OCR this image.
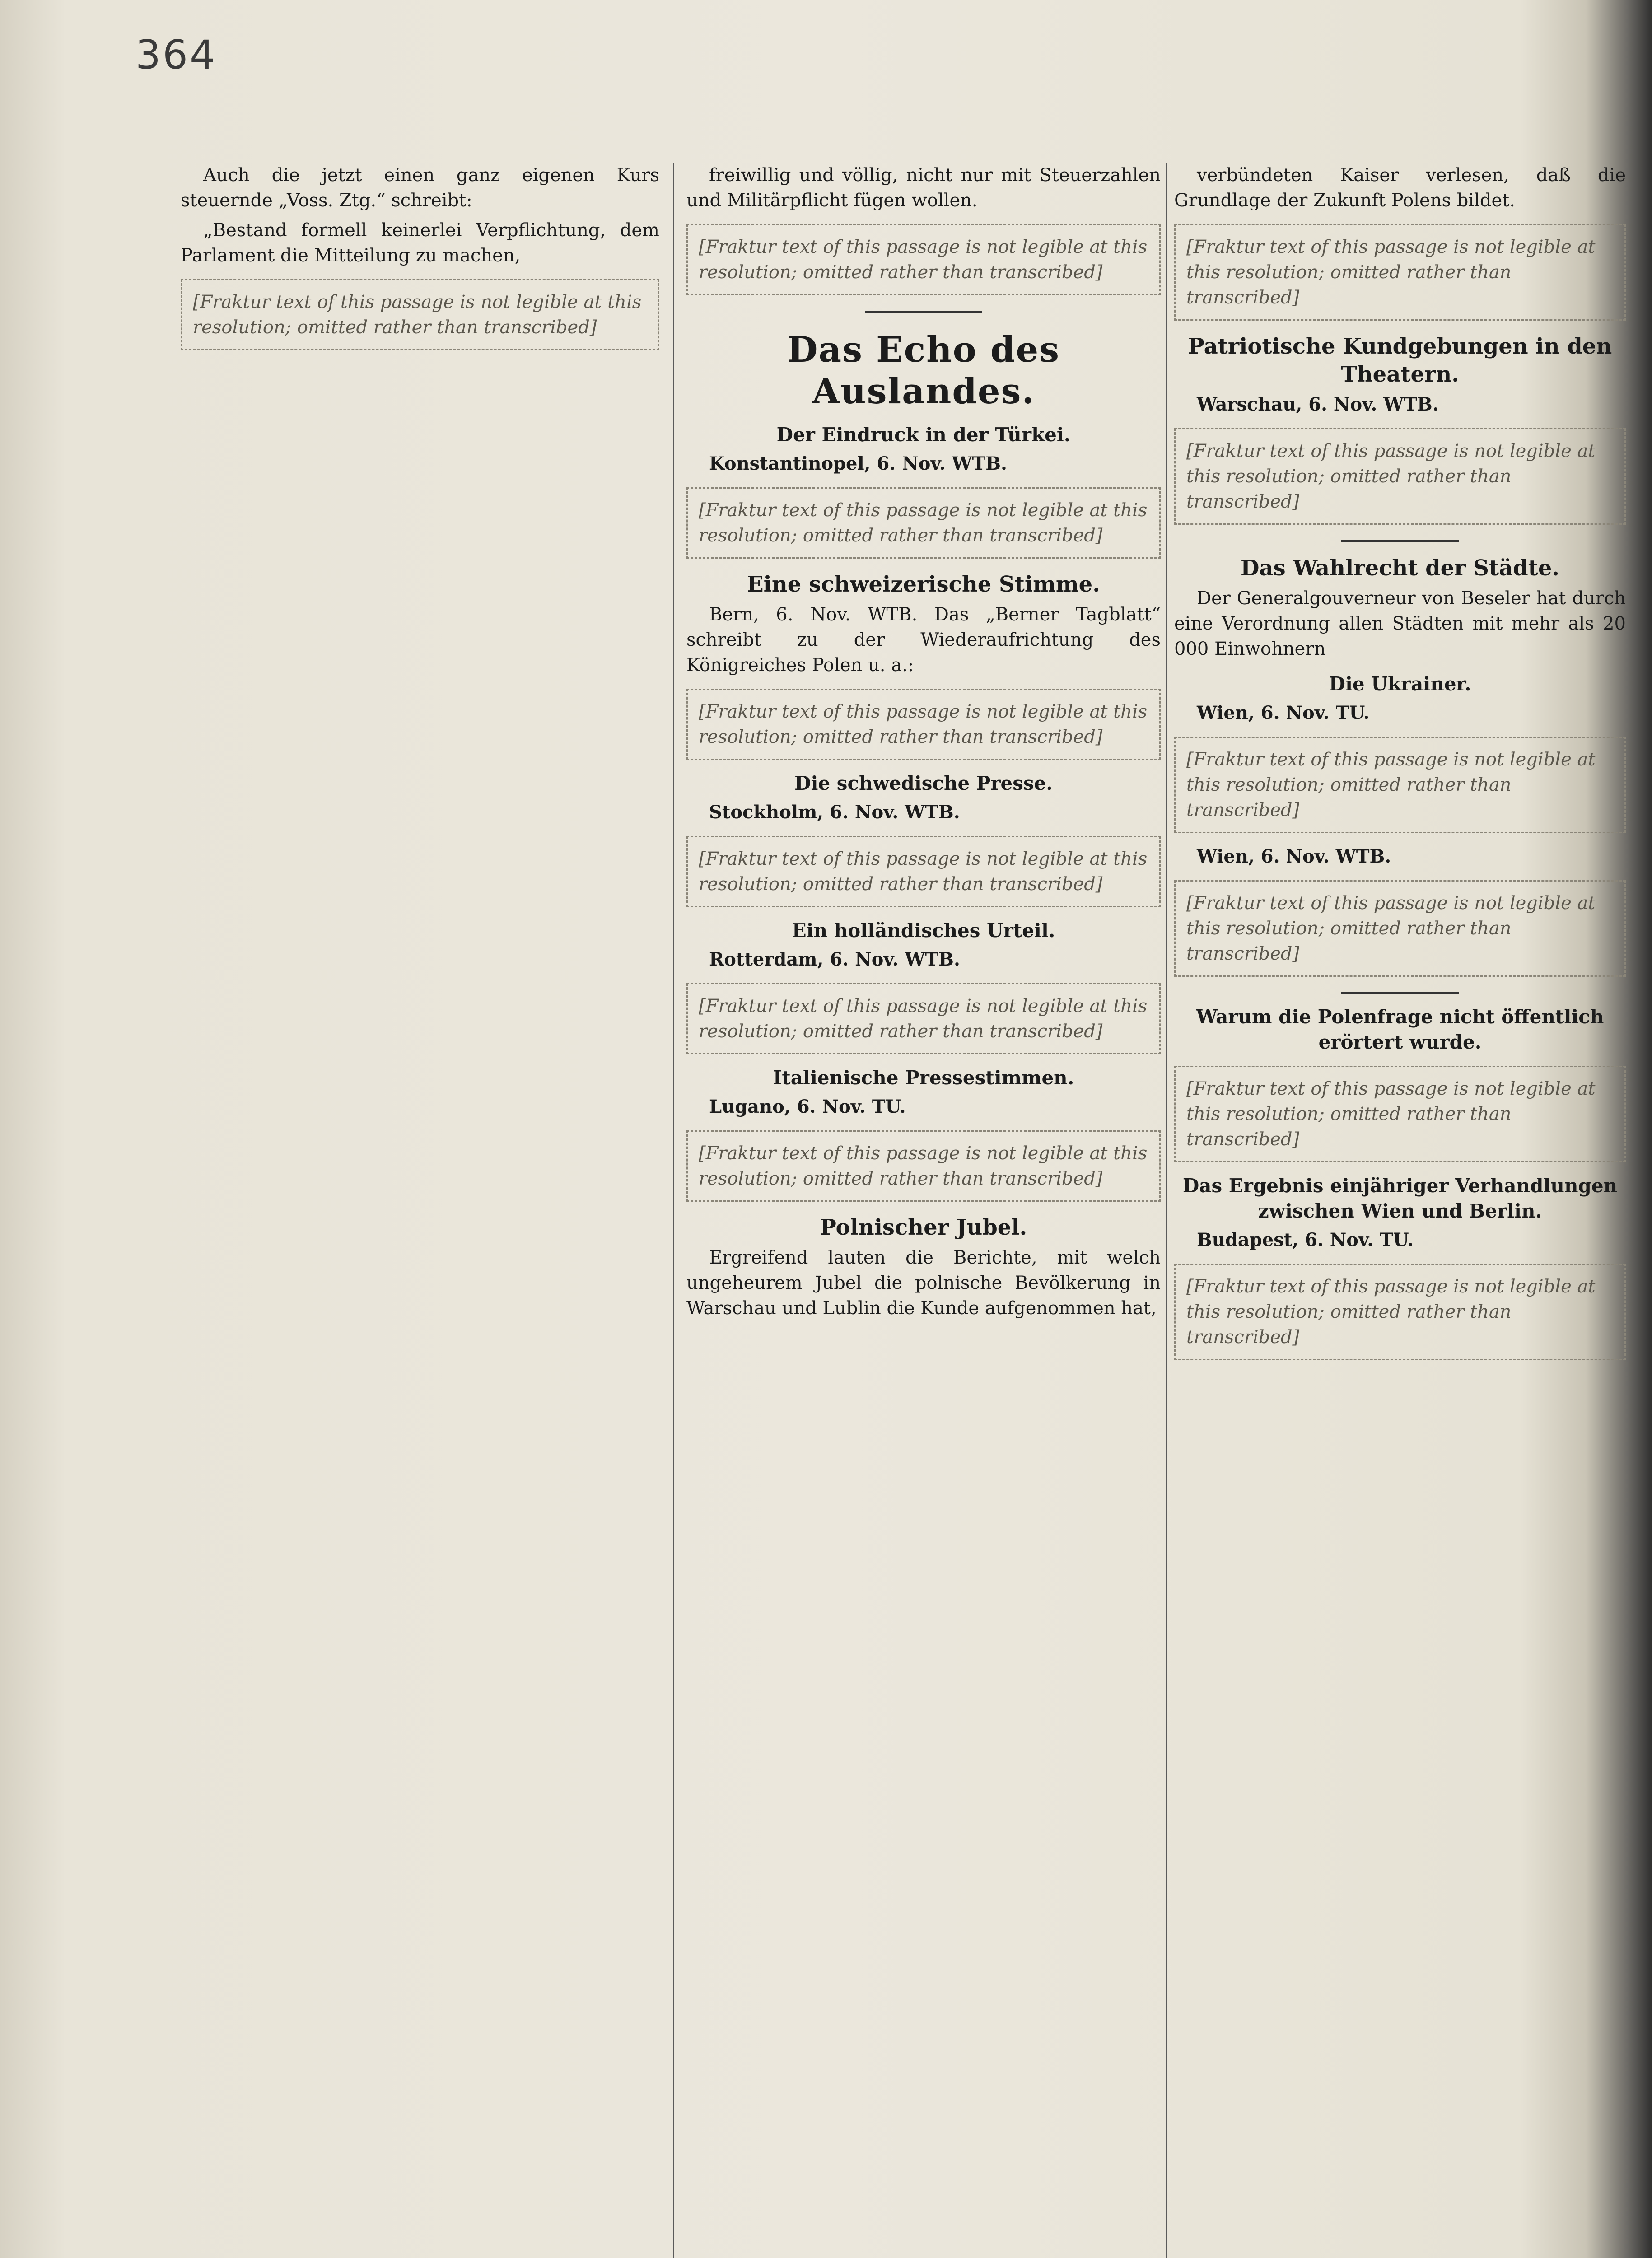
364

Auch die jetzt einen ganz eigenen Kurs steuernde „Voss. Ztg.“ schreibt:

„Bestand formell keinerlei Verpflichtung, dem Parlament die Mitteilung zu machen,

[Fraktur text of this passage is not legible at this resolution; omitted rather than transcribed]

freiwillig und völlig, nicht nur mit Steuerzahlen und Militärpflicht fügen wollen.

[Fraktur text of this passage is not legible at this resolution; omitted rather than transcribed]

Das Echo des Auslandes.
Der Eindruck in der Türkei.

Konstantinopel, 6. Nov. WTB.

[Fraktur text of this passage is not legible at this resolution; omitted rather than transcribed]

Eine schweizerische Stimme.

Bern, 6. Nov. WTB. Das „Berner Tagblatt“ schreibt zu der Wiederaufrichtung des Königreiches Polen u. a.:

[Fraktur text of this passage is not legible at this resolution; omitted rather than transcribed]

Die schwedische Presse.

Stockholm, 6. Nov. WTB.

[Fraktur text of this passage is not legible at this resolution; omitted rather than transcribed]

Ein holländisches Urteil.

Rotterdam, 6. Nov. WTB.

[Fraktur text of this passage is not legible at this resolution; omitted rather than transcribed]

Italienische Pressestimmen.

Lugano, 6. Nov. TU.

[Fraktur text of this passage is not legible at this resolution; omitted rather than transcribed]

Polnischer Jubel.

Ergreifend lauten die Berichte, mit welch ungeheurem Jubel die polnische Bevölkerung in Warschau und Lublin die Kunde aufgenommen hat,

verbündeten Kaiser verlesen, daß die Grundlage der Zukunft Polens bildet.

[Fraktur text of this passage is not legible at this resolution; omitted rather than transcribed]

Patriotische Kundgebungen in den Theatern.

Warschau, 6. Nov. WTB.

[Fraktur text of this passage is not legible at this resolution; omitted rather than transcribed]

Das Wahlrecht der Städte.

Der Generalgouverneur von Beseler hat durch eine Verordnung allen Städten mit mehr als 20 000 Einwohnern

Die Ukrainer.

Wien, 6. Nov. TU.

[Fraktur text of this passage is not legible at this resolution; omitted rather than transcribed]

Wien, 6. Nov. WTB.

[Fraktur text of this passage is not legible at this resolution; omitted rather than transcribed]

Warum die Polenfrage nicht öffentlich erörtert wurde.

[Fraktur text of this passage is not legible at this resolution; omitted rather than transcribed]

Das Ergebnis einjähriger Verhandlungen zwischen Wien und Berlin.

Budapest, 6. Nov. TU.

[Fraktur text of this passage is not legible at this resolution; omitted rather than transcribed]
